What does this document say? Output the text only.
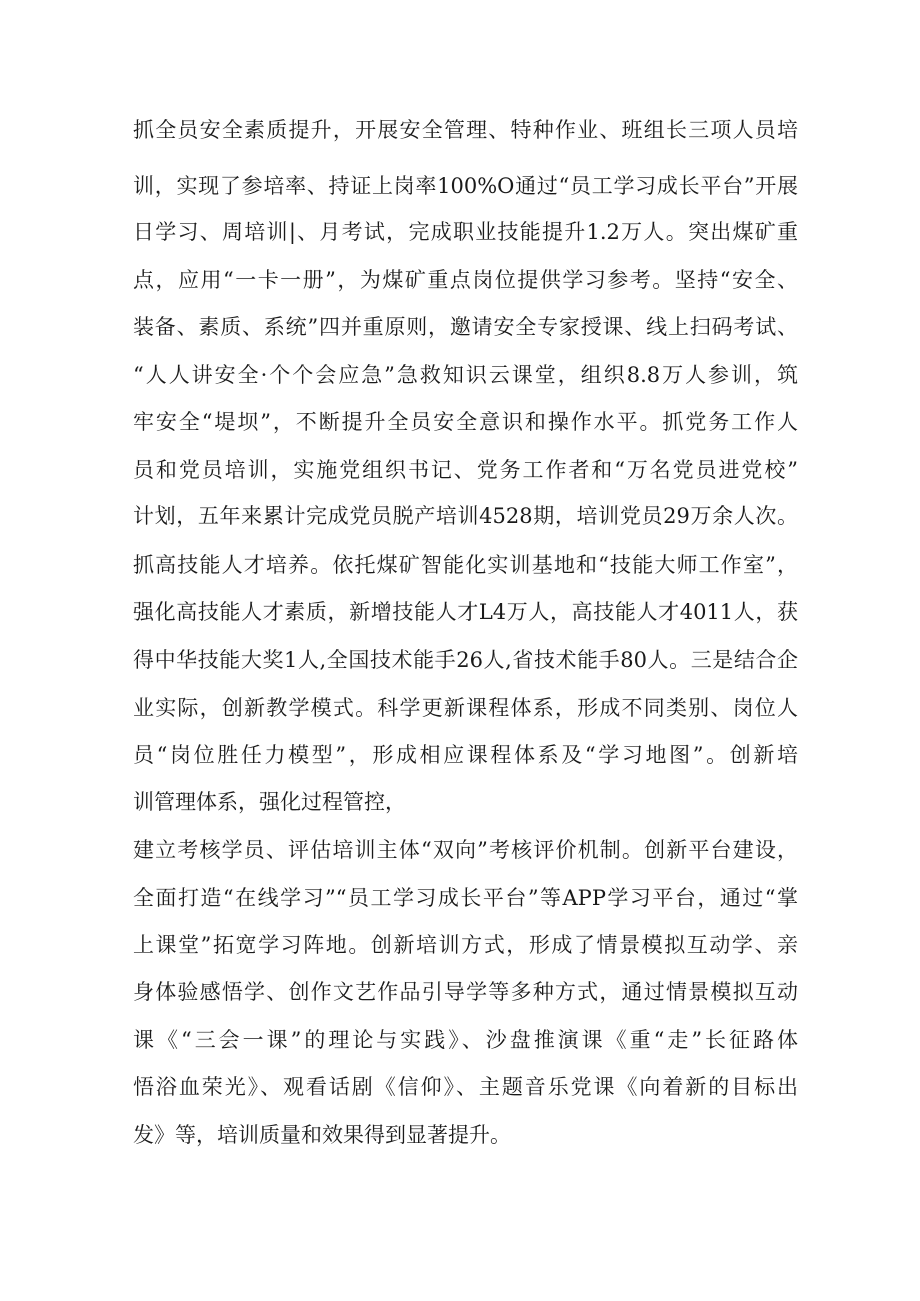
抓全员安全素质提升，开展安全管理、特种作业、班组长三项人员培
训，实现了参培率、持证上岗率100%O通过“员工学习成长平台”开展
日学习、周培训|、月考试，完成职业技能提升1.2万人。突出煤矿重
点，应用“一卡一册”，为煤矿重点岗位提供学习参考。坚持“安全、
装备、素质、系统”四并重原则，邀请安全专家授课、线上扫码考试、
“人人讲安全·个个会应急”急救知识云课堂，组织8.8万人参训，筑
牢安全“堤坝”，不断提升全员安全意识和操作水平。抓党务工作人
员和党员培训，实施党组织书记、党务工作者和“万名党员进党校”
计划，五年来累计完成党员脱产培训4528期，培训党员29万余人次。
抓高技能人才培养。依托煤矿智能化实训基地和“技能大师工作室”，
强化高技能人才素质，新增技能人才L4万人，高技能人才4011人，获
得中华技能大奖1人,全国技术能手26人,省技术能手80人。三是结合企
业实际，创新教学模式。科学更新课程体系，形成不同类别、岗位人
员“岗位胜任力模型”，形成相应课程体系及“学习地图”。创新培
训管理体系，强化过程管控，
建立考核学员、评估培训主体“双向”考核评价机制。创新平台建设，
全面打造“在线学习”“员工学习成长平台”等APP学习平台，通过“掌
上课堂”拓宽学习阵地。创新培训方式，形成了情景模拟互动学、亲
身体验感悟学、创作文艺作品引导学等多种方式，通过情景模拟互动
课《“三会一课”的理论与实践》、沙盘推演课《重“走”长征路体
悟浴血荣光》、观看话剧《信仰》、主题音乐党课《向着新的目标出
发》等，培训质量和效果得到显著提升。
